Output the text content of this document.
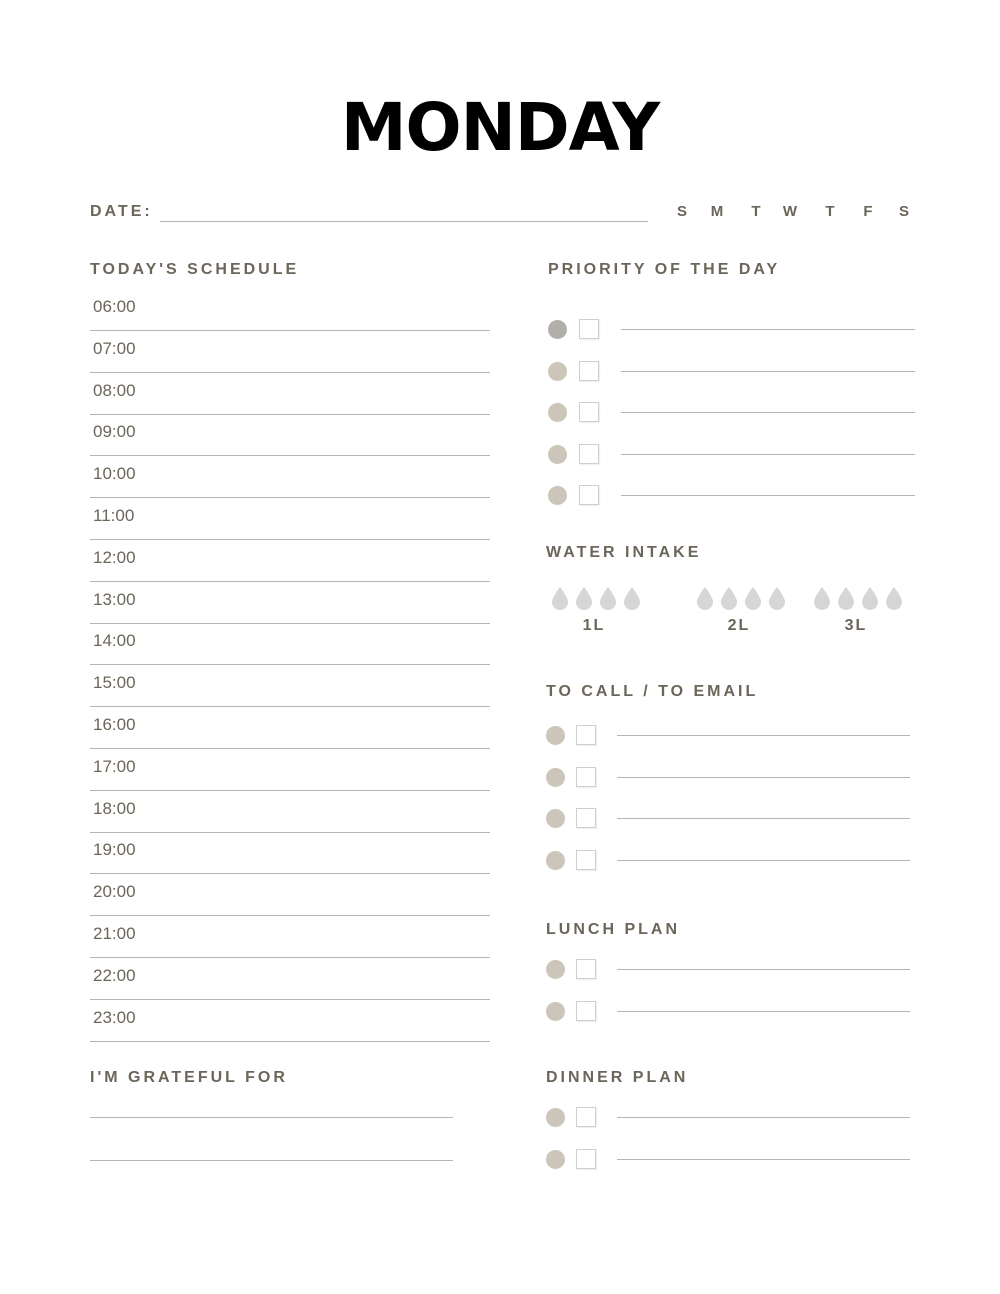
MONDAY
DATE:	S	M	T	W	T	F	S
TODAY'S SCHEDULE
06:00
07:00
08:00
09:00
10:00
11:00
12:00
13:00
14:00
15:00
16:00
17:00
18:00
19:00
20:00
21:00
22:00
23:00
I'M GRATEFUL FOR
PRIORITY OF THE DAY
WATER INTAKE
1L	2L	3L
TO CALL / TO EMAIL
LUNCH PLAN
DINNER PLAN
